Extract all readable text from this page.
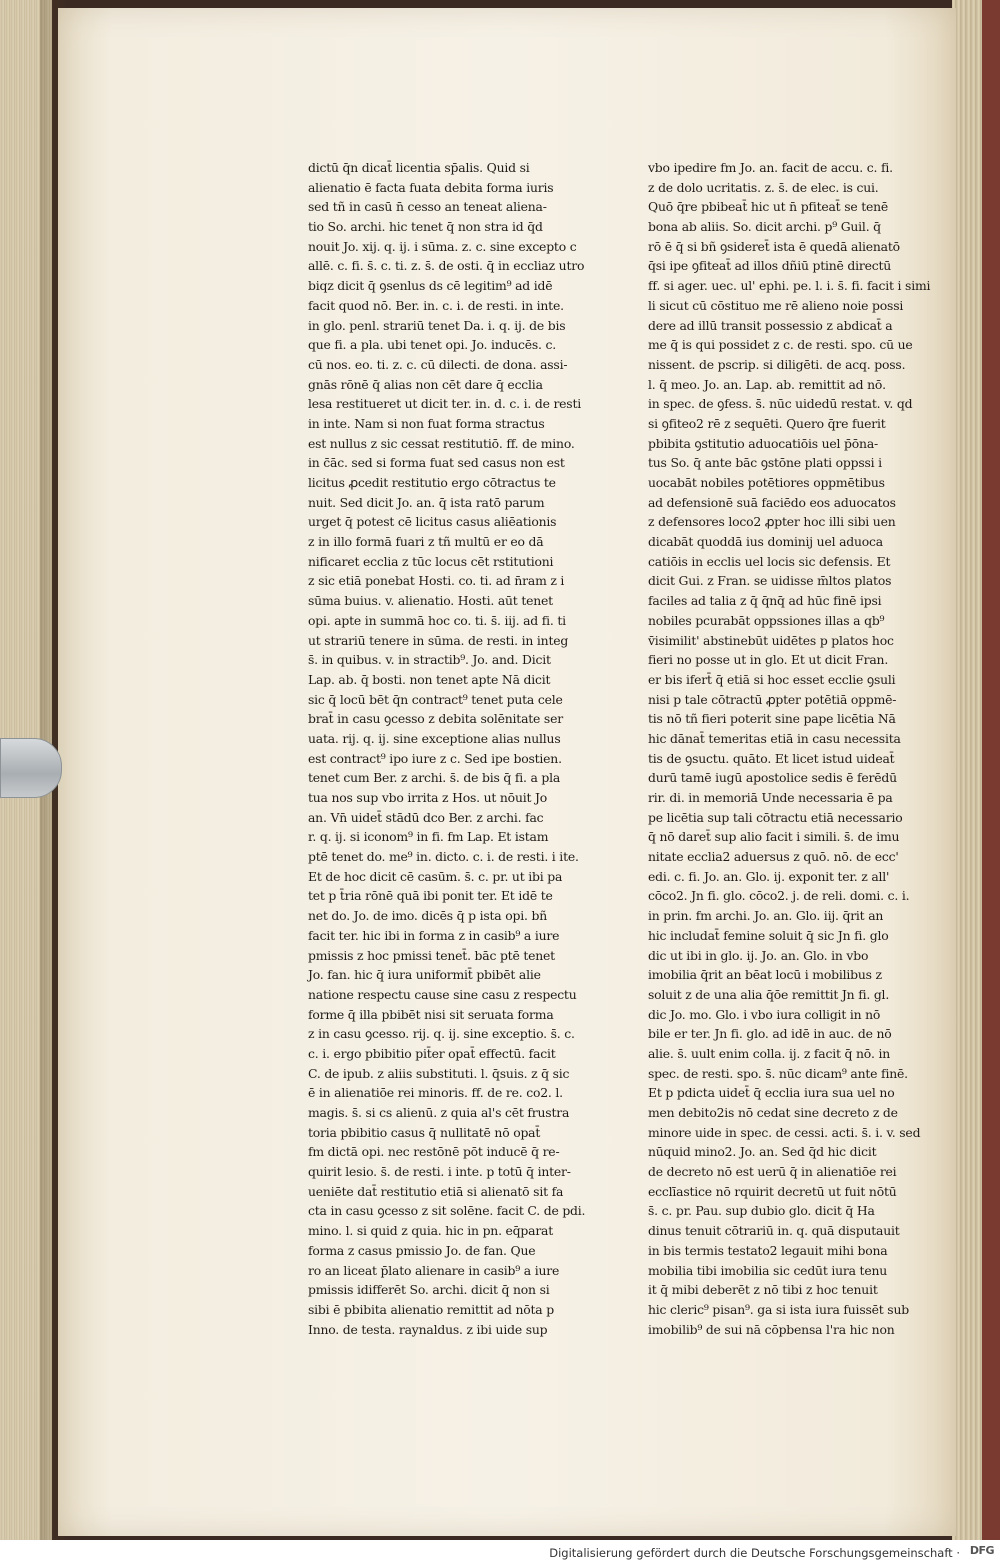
dictū q̄n dicat̄ licentia sp̄alis. Quid si
alienatio ē facta fuata debita forma iuris
sed tñ in casū n̄ cesso an teneat aliena-
tio So. archi. hic tenet q̄ non stra id q̄d
nouit Jo. xij. q. ij. i sūma. z. c. sine excepto c
allē. c. fi. s̄. c. ti. z. s̄. de osti. q̄ in eccliaz utro
biqz dicit q̄ ꝯsenlus ds cē legitim⁹ ad idē
facit quod nō. Ber. in. c. i. de resti. in inte.
in glo. penl. strariū tenet Da. i. q. ij. de bis
que fi. a pla. ubi tenet opi. Jo. inducēs. c.
cū nos. eo. ti. z. c. cū dilecti. de dona. assi-
gnās rōnē q̄ alias non cēt dare q̄ ecclia
lesa restitueret ut dicit ter. in. d. c. i. de resti
in inte. Nam si non fuat forma stractus
est nullus z sic cessat restitutiō. ff. de mino.
in c̄āc. sed si forma fuat sed casus non est
licitus ꝓcedit restitutio ergo cōtractus te
nuit. Sed dicit Jo. an. q̄ ista ratō parum
urget q̄ potest cē licitus casus aliēationis
z in illo formā fuari z tñ multū er eo dā
nificaret ecclia z tūc locus cēt rstitutioni
z sic etiā ponebat Hosti. co. ti. ad n̄ram z i
sūma buius. v. alienatio. Hosti. aūt tenet
opi. apte in summā hoc co. ti. s̄. iij. ad fi. ti
ut strariū tenere in sūma. de resti. in integ
s̄. in quibus. v. in stractib⁹. Jo. and. Dicit
Lap. ab. q̄ bosti. non tenet apte Nā dicit
sic q̄ locū bēt q̄n contract⁹ tenet puta cele
brat̄ in casu ꝯcesso z debita solēnitate ser
uata. rij. q. ij. sine exceptione alias nullus
est contract⁹ ipo iure z c. Sed ipe bostien.
tenet cum Ber. z archi. s̄. de bis q̄ fi. a pla
tua nos sup vbo irrita z Hos. ut nōuit Jo
an. Vn̄ uidet̄ stādū dco Ber. z archi. fac
r. q. ij. si iconom⁹ in fi. fm Lap. Et istam
ptē tenet do. me⁹ in. dicto. c. i. de resti. i ite.
Et de hoc dicit cē casūm. s̄. c. pr. ut ibi pa
tet p t̄ria rōnē quā ibi ponit ter. Et idē te
net do. Jo. de imo. dicēs q̄ p ista opi. bñ
facit ter. hic ibi in forma z in casib⁹ a iure
pmissis z hoc pmissi tenet̄. bāc ptē tenet
Jo. fan. hic q̄ iura uniformit̄ pbibēt alie
natione respectu cause sine casu z respectu
forme q̄ illa pbibēt nisi sit seruata forma
z in casu ꝯcesso. rij. q. ij. sine exceptio. s̄. c.
c. i. ergo pbibitio pit̄er opat̄ effectū. facit
C. de ipub. z aliis substituti. l. q̄suis. z q̄ sic
ē in alienatiōe rei minoris. ff. de re. co2. l.
magis. s̄. si cs alienū. z quia al's cēt frustra
toria pbibitio casus q̄ nullitatē nō opat̄
fm dictā opi. nec restōnē pōt inducē q̄ re-
quirit lesio. s̄. de resti. i inte. p totū q̄ inter-
ueniēte dat̄ restitutio etiā si alienatō sit fa
cta in casu ꝯcesso z sit solēne. facit C. de pdi.
mino. l. si quid z quia. hic in pn. eq̄parat
forma z casus pmissio Jo. de fan. Que
ro an liceat p̄lato alienare in casib⁹ a iure
pmissis idifferēt So. archi. dicit q̄ non si
sibi ē pbibita alienatio remittit ad nōta p
Inno. de testa. raynaldus. z ibi uide sup
vbo ipedire fm Jo. an. facit de accu. c. fi.
z de dolo ucritatis. z. s̄. de elec. is cui.
Quō q̄re pbibeat̄ hic ut n̄ pfiteat̄ se tenē
bona ab aliis. So. dicit archi. p⁹ Guil. q̄
rō ē q̄ si bñ ꝯsideret̄ ista ē quedā alienatō
q̄si ipe ꝯfiteat̄ ad illos dñiū ptinē directū
ff. si ager. uec. ul' ephi. pe. l. i. s̄. fi. facit i simi
li sicut cū cōstituo me rē alieno noie possi
dere ad illū transit possessio z abdicat̄ a
me q̄ is qui possidet z c. de resti. spo. cū ue
nissent. de pscrip. si diligēti. de acq. poss.
l. q̄ meo. Jo. an. Lap. ab. remittit ad nō.
in spec. de ꝯfess. s̄. nūc uidedū restat. v. qd
si ꝯfiteo2 rē z sequēti. Quero q̄re fuerit
pbibita ꝯstitutio aduocatiōis uel p̄ōna-
tus So. q̄ ante bāc ꝯstōne plati oppssi i
uocabāt nobiles potētiores oppmētibus
ad defensionē suā faciēdo eos aduocatos
z defensores loco2 ꝓpter hoc illi sibi uen
dicabāt quoddā ius dominij uel aduoca
catiōis in ecclis uel locis sic defensis. Et
dicit Gui. z Fran. se uidisse m̄ltos platos
faciles ad talia z q̄ q̄nq̄ ad hūc finē ipsi
nobiles pcurabāt oppssiones illas a qb⁹
v̄isimilit' abstinebūt uidētes p platos hoc
fieri no posse ut in glo. Et ut dicit Fran.
er bis ifert̄ q̄ etiā si hoc esset ecclie ꝯsuli
nisi p tale cōtractū ꝓpter potētiā oppmē-
tis nō tñ fieri poterit sine pape licētia Nā
hic dānat̄ temeritas etiā in casu necessita
tis de ꝯsuctu. quāto. Et licet istud uideat̄
durū tamē iugū apostolice sedis ē ferēdū
rir. di. in memoriā Unde necessaria ē pa
pe licētia sup tali cōtractu etiā necessario
q̄ nō daret̄ sup alio facit i simili. s̄. de imu
nitate ecclia2 aduersus z quō. nō. de ecc'
edi. c. fi. Jo. an. Glo. ij. exponit ter. z all'
cōco2. Jn fi. glo. cōco2. j. de reli. domi. c. i.
in prin. fm archi. Jo. an. Glo. iij. q̄rit an
hic includat̄ femine soluit q̄ sic Jn fi. glo
dic ut ibi in glo. ij. Jo. an. Glo. in vbo
imobilia q̄rit an bēat locū i mobilibus z
soluit z de una alia q̄ōe remittit Jn fi. gl.
dic Jo. mo. Glo. i vbo iura colligit in nō
bile er ter. Jn fi. glo. ad idē in auc. de nō
alie. s̄. uult enim colla. ij. z facit q̄ nō. in
spec. de resti. spo. s̄. nūc dicam⁹ ante finē.
Et p pdicta uidet̄ q̄ ecclia iura sua uel no
men debito2is nō cedat sine decreto z de
minore uide in spec. de cessi. acti. s̄. i. v. sed
nūquid mino2. Jo. an. Sed q̄d hic dicit
de decreto nō est uerū q̄ in alienatiōe rei
ecclīastice nō rquirit decretū ut fuit nōtū
s̄. c. pr. Pau. sup dubio glo. dicit q̄ Ha
dinus tenuit cōtrariū in. q. quā disputauit
in bis termis testato2 legauit mihi bona
mobilia tibi imobilia sic cedūt iura tenu
it q̄ mibi deberēt z nō tibi z hoc tenuit
hic cleric⁹ pisan⁹. ga si ista iura fuissēt sub
imobilib⁹ de sui nā cōpbensa l'ra hic non
Digitalisierung gefördert durch die Deutsche Forschungsgemeinschaft · DFG
